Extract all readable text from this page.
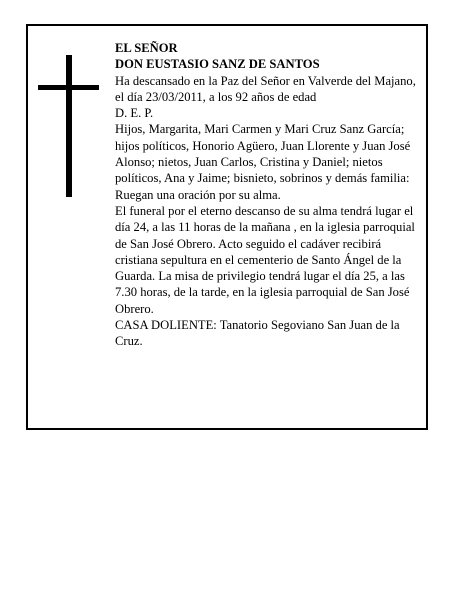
EL SEÑOR

DON EUSTASIO SANZ DE SANTOS

Ha descansado en la Paz del Señor en Valverde del Majano, el día 23/03/2011, a los 92 años de edad

D. E. P.

Hijos, Margarita, Mari Carmen y Mari Cruz Sanz García; hijos políticos, Honorio Agüero, Juan Llorente y Juan José Alonso; nietos, Juan Carlos, Cristina y Daniel; nietos políticos, Ana y Jaime; bisnieto, sobrinos y demás familia:

Ruegan una oración por su alma.

El funeral por el eterno descanso de su alma tendrá lugar el día 24, a las 11 horas de la mañana , en la iglesia parroquial de San José Obrero. Acto seguido el cadáver recibirá cristiana sepultura en el cementerio de Santo Ángel de la Guarda. La misa de privilegio tendrá lugar el día 25, a las 7.30 horas, de la tarde, en la iglesia parroquial de San José Obrero.

CASA DOLIENTE: Tanatorio Segoviano San Juan de la Cruz.
